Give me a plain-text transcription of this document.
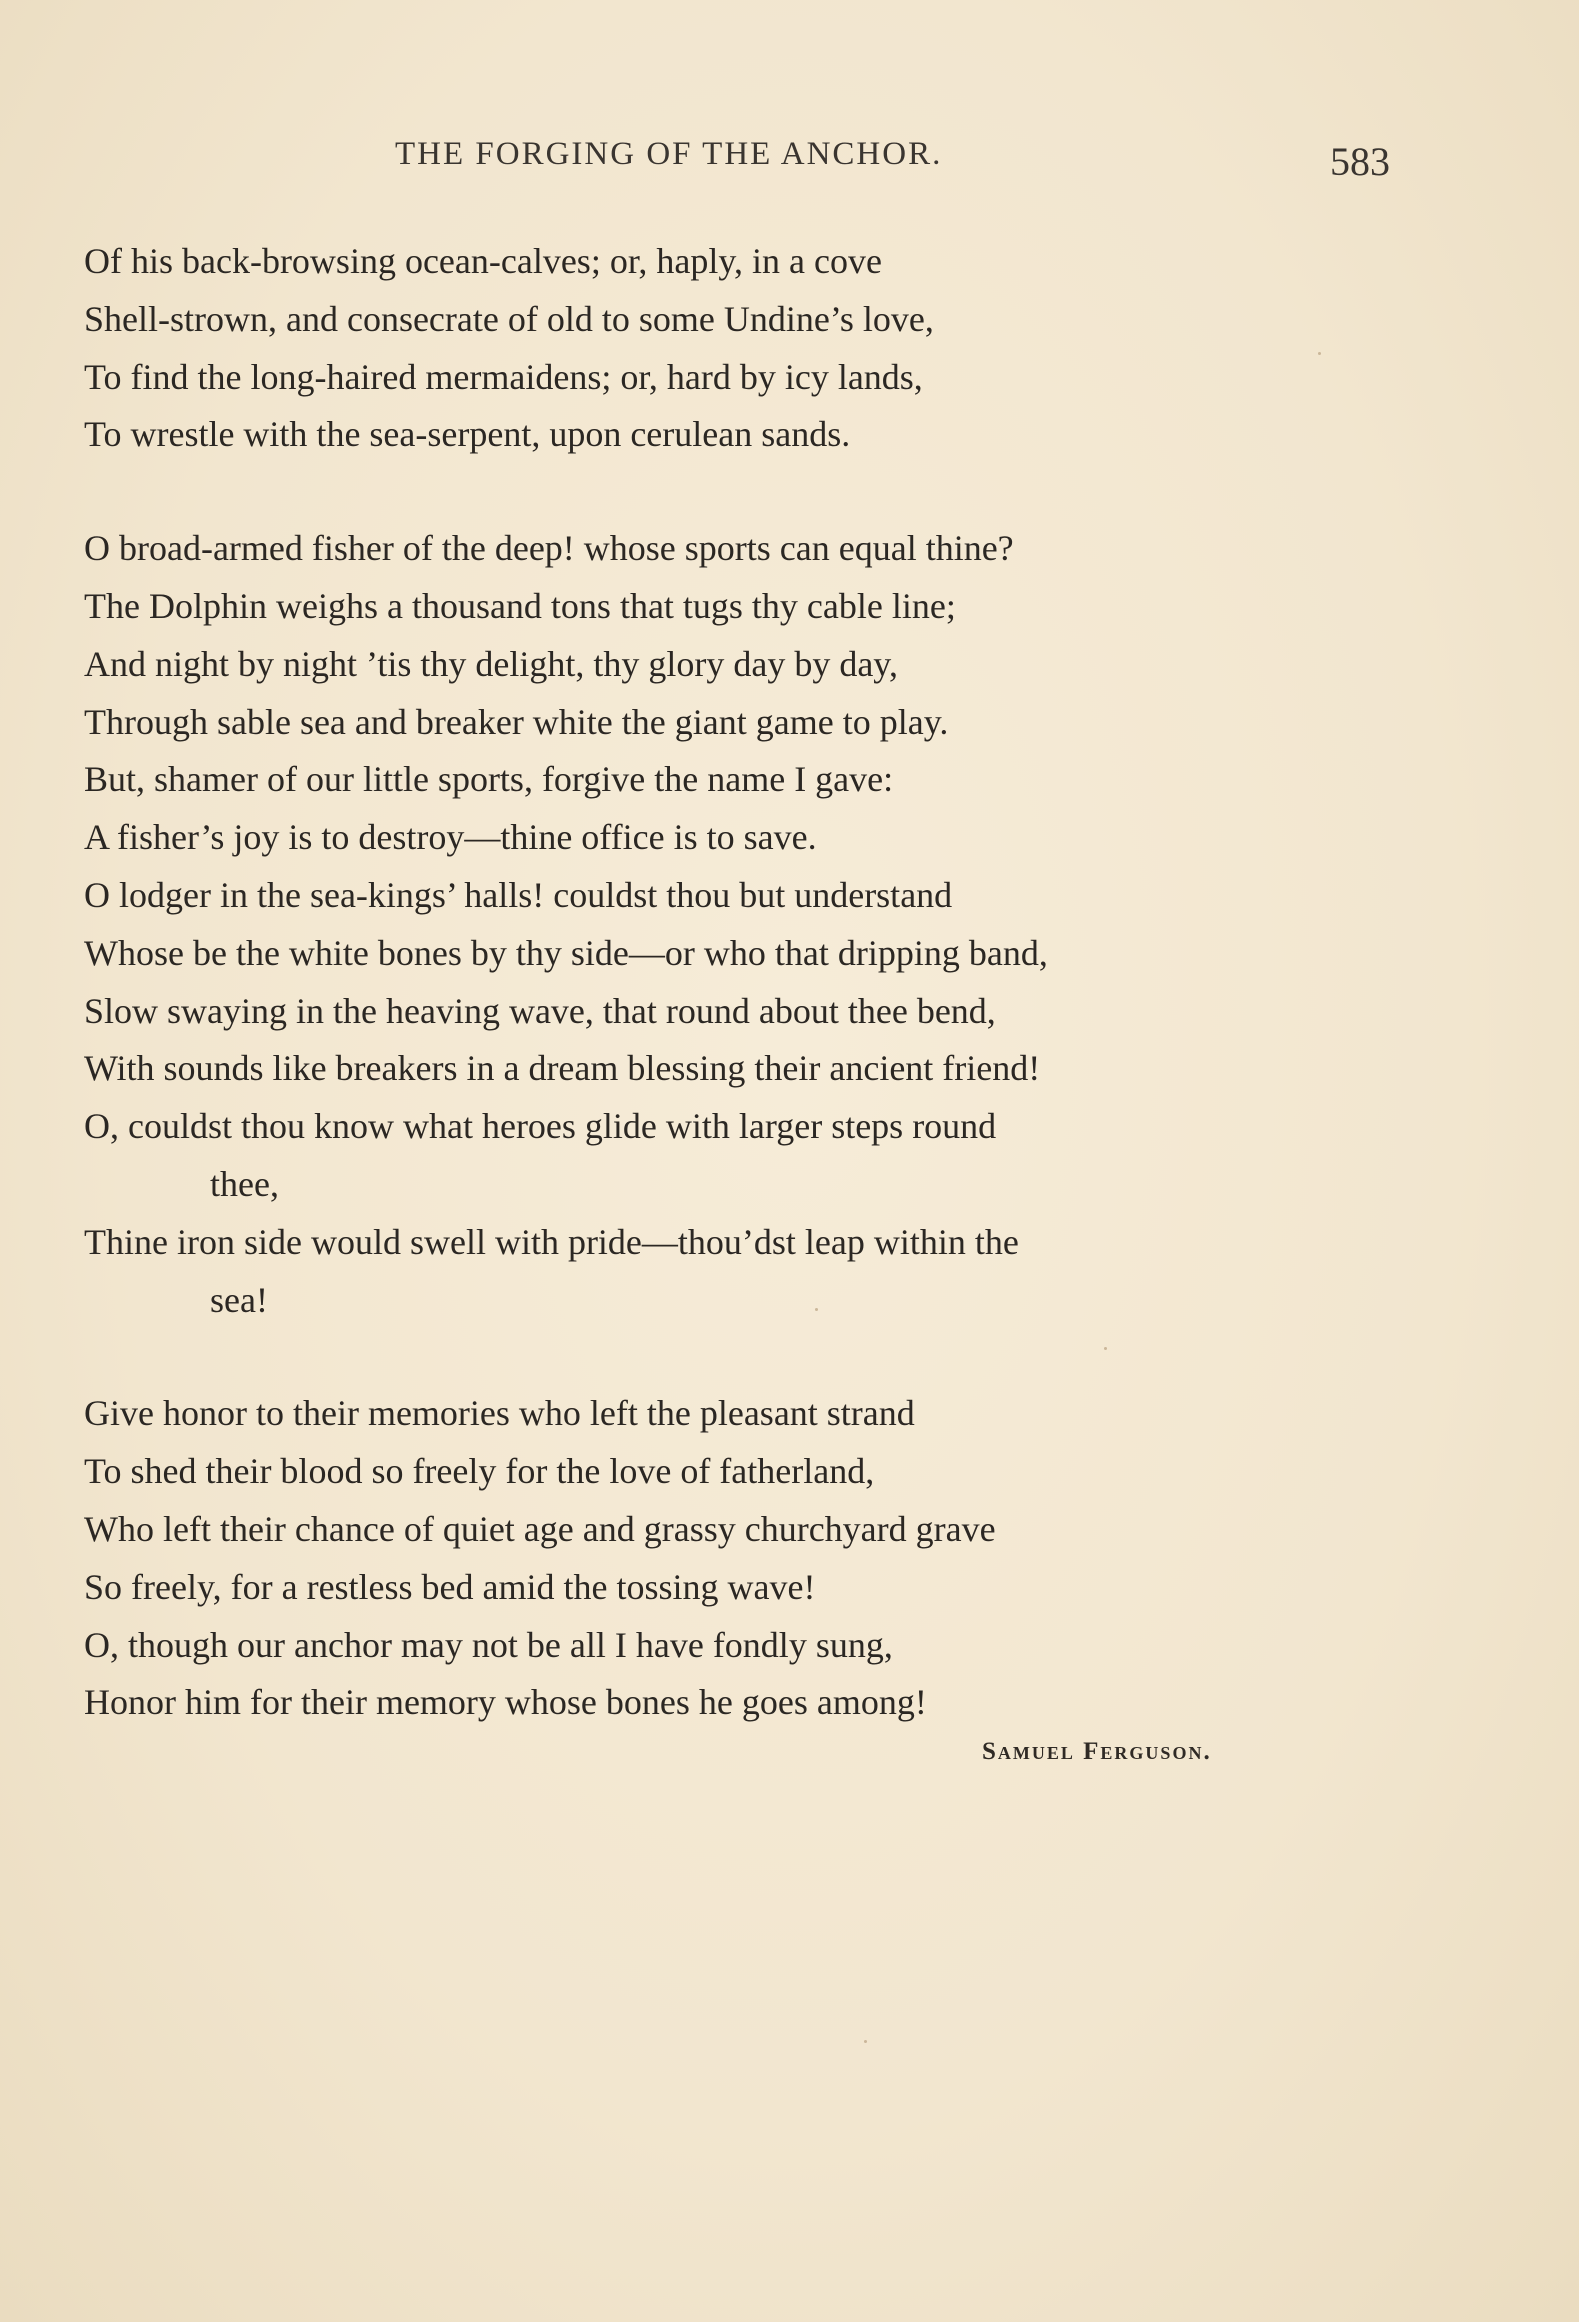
THE FORGING OF THE ANCHOR.	583
Of his back-browsing ocean-calves; or, haply, in a cove
Shell-strown, and consecrate of old to some Undine’s love,
To find the long-haired mermaidens; or, hard by icy lands,
To wrestle with the sea-serpent, upon cerulean sands.
O broad-armed fisher of the deep! whose sports can equal thine?
The Dolphin weighs a thousand tons that tugs thy cable line;
And night by night ’tis thy delight, thy glory day by day,
Through sable sea and breaker white the giant game to play.
But, shamer of our little sports, forgive the name I gave:
A fisher’s joy is to destroy—thine office is to save.
O lodger in the sea-kings’ halls! couldst thou but understand
Whose be the white bones by thy side—or who that dripping band,
Slow swaying in the heaving wave, that round about thee bend,
With sounds like breakers in a dream blessing their ancient friend!
O, couldst thou know what heroes glide with larger steps round
thee,
Thine iron side would swell with pride—thou’dst leap within the
sea!
Give honor to their memories who left the pleasant strand
To shed their blood so freely for the love of fatherland,
Who left their chance of quiet age and grassy churchyard grave
So freely, for a restless bed amid the tossing wave!
O, though our anchor may not be all I have fondly sung,
Honor him for their memory whose bones he goes among!
Samuel Ferguson.
